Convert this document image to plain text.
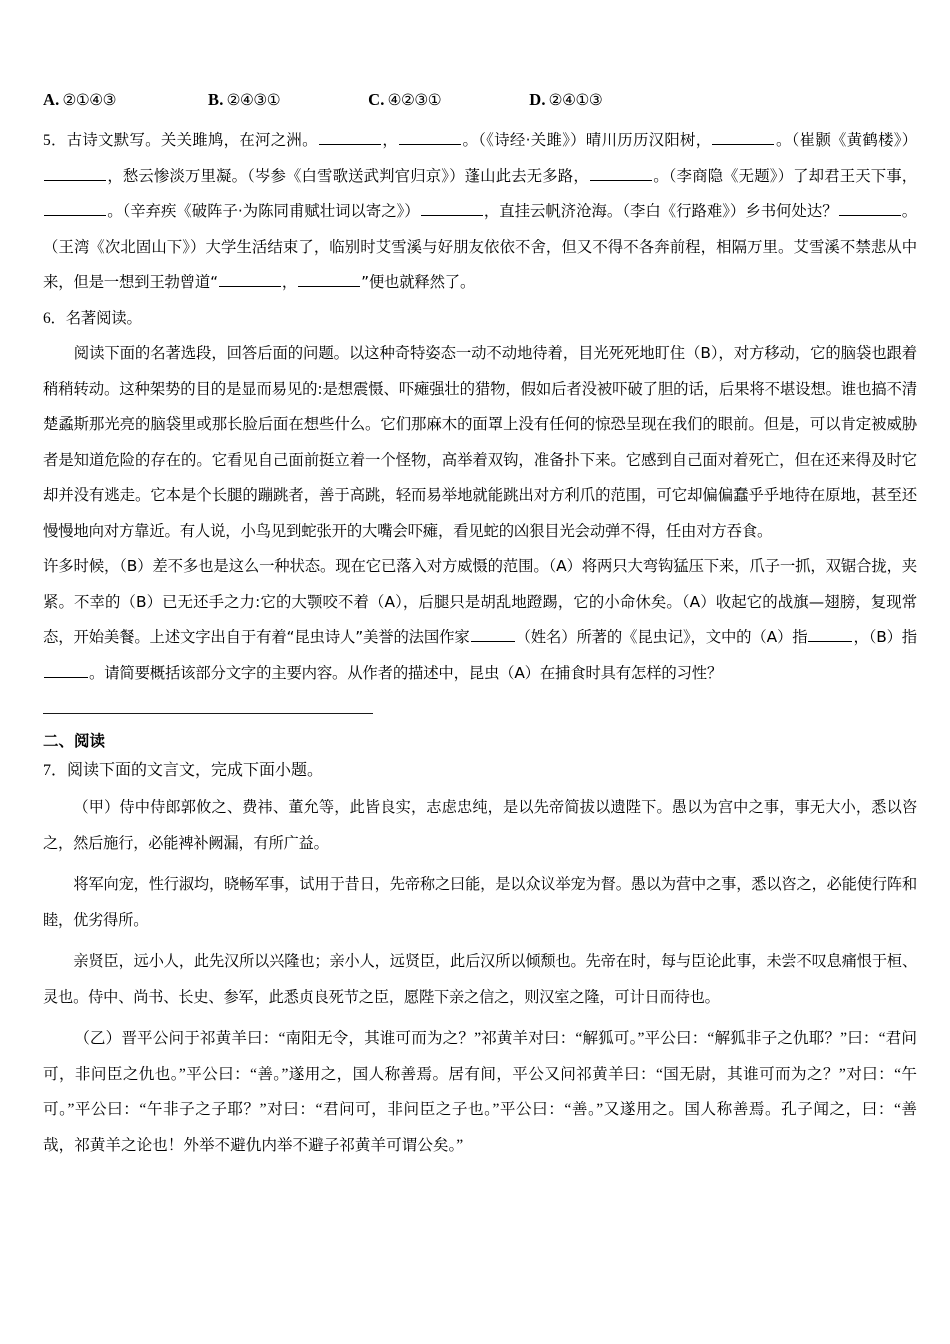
A. ②①④③	B. ②④③①	C. ④②③①	D. ②④①③

5．古诗文默写。关关雎鸠，在河之洲。	，	。（《诗经·关雎》）晴川历历汉阳树，	。（崔颢《黄鹤楼》），愁云惨淡万里凝。（岑参《白雪歌送武判官归京》）蓬山此去无多路，	。（李商隐《无题》）了却君王天下事，。（辛弃疾《破阵子·为陈同甫赋壮词以寄之》）	，直挂云帆济沧海。（李白《行路难》）乡书何处达？	。（王湾《次北固山下》）大学生活结束了，临别时艾雪溪与好朋友依依不舍，但又不得不各奔前程，相隔万里。艾雪溪不禁悲从中来，但是一想到王勃曾道“	，	”便也就释然了。

6．名著阅读。

阅读下面的名著选段，回答后面的问题。以这种奇特姿态一动不动地待着，目光死死地盯住（B），对方移动，它的脑袋也跟着稍稍转动。这种架势的目的是显而易见的:是想震慑、吓瘫强壮的猎物，假如后者没被吓破了胆的话，后果将不堪设想。谁也搞不清楚蟊斯那光亮的脑袋里或那长脸后面在想些什么。它们那麻木的面罩上没有任何的惊恐呈现在我们的眼前。但是，可以肯定被威胁者是知道危险的存在的。它看见自己面前挺立着一个怪物，高举着双钩，准备扑下来。它感到自己面对着死亡，但在还来得及时它却并没有逃走。它本是个长腿的蹦跳者，善于高跳，轻而易举地就能跳出对方利爪的范围，可它却偏偏蠢乎乎地待在原地，甚至还慢慢地向对方靠近。有人说，小鸟见到蛇张开的大嘴会吓瘫，看见蛇的凶狠目光会动弹不得，任由对方吞食。

许多时候，（B）差不多也是这么一种状态。现在它已落入对方威慑的范围。（A）将两只大弯钩猛压下来，爪子一抓，双锯合拢，夹紧。不幸的（B）已无还手之力:它的大颚咬不着（A），后腿只是胡乱地蹬踢，它的小命休矣。（A）收起它的战旗—翅膀，复现常态，开始美餐。上述文字出自于有着“昆虫诗人”美誉的法国作家	（姓名）所著的《昆虫记》，文中的（A）指	，（B）指。请简要概括该部分文字的主要内容。从作者的描述中，昆虫（A）在捕食时具有怎样的习性？

二、阅读

7．阅读下面的文言文，完成下面小题。

（甲）侍中侍郎郭攸之、费祎、董允等，此皆良实，志虑忠纯，是以先帝简拔以遗陛下。愚以为宫中之事，事无大小，悉以咨之，然后施行，必能裨补阙漏，有所广益。

将军向宠，性行淑均，晓畅军事，试用于昔日，先帝称之曰能，是以众议举宠为督。愚以为营中之事，悉以咨之，必能使行阵和睦，优劣得所。

亲贤臣，远小人，此先汉所以兴隆也；亲小人，远贤臣，此后汉所以倾颓也。先帝在时，每与臣论此事，未尝不叹息痛恨于桓、灵也。侍中、尚书、长史、参军，此悉贞良死节之臣，愿陛下亲之信之，则汉室之隆，可计日而待也。

（乙）晋平公问于祁黄羊曰：“南阳无令，其谁可而为之？”祁黄羊对曰：“解狐可。”平公曰：“解狐非子之仇耶？”曰：“君问可，非问臣之仇也。”平公曰：“善。”遂用之，国人称善焉。居有间，平公又问祁黄羊曰：“国无尉，其谁可而为之？”对曰：“午可。”平公曰：“午非子之子耶？”对曰：“君问可，非问臣之子也。”平公曰：“善。”又遂用之。国人称善焉。孔子闻之，曰：“善哉，祁黄羊之论也！外举不避仇内举不避子祁黄羊可谓公矣。”
